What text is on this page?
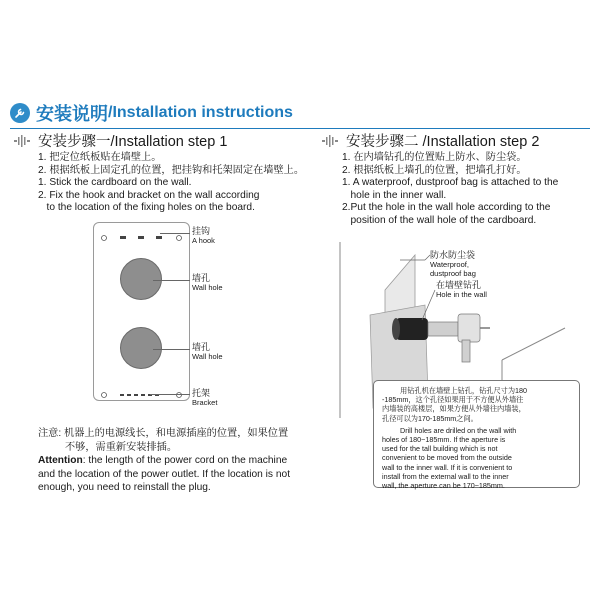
安装说明 /Installation instructions
安装步骤一/Installation step 1
1. 把定位纸板贴在墙壁上。
2. 根据纸板上固定孔的位置，把挂钩和托架固定在墙壁上。
1. Stick the cardboard on the wall.
2. Fix the hook and bracket on the wall according
to the location of the fixing holes on the board.
挂钩
A hook
墙孔
Wall hole
墙孔
Wall hole
托架
Bracket
注意: 机器上的电源线长，和电源插座的位置，如果位置
不够，需重新安装排插。
Attention: the length of the power cord on the machine
and the location of the power outlet. If the location is not
enough, you need to reinstall the plug.
安装步骤二 /Installation step 2
1. 在内墙钻孔的位置贴上防水、防尘袋。
2. 根据纸板上墙孔的位置，把墙孔打好。
1. A waterproof, dustproof bag is attached to the
hole in the inner wall.
2.Put the hole in the wall hole according to the
position of the wall hole of the cardboard.
防水防尘袋
Waterproof,
dustproof bag
在墙壁钻孔
Hole in the wall
用钻孔机在墙壁上钻孔，钻孔尺寸为180
-185mm，这个孔径如果用于不方便从外墙往
内墙装的高楼层，如果方便从外墙往内墙装，
孔径可以为170-185mm之间。
Drill holes are drilled on the wall with
holes of 180~185mm. If the aperture is
used for the tall building which is not
convenient to be moved from the outside
wall to the inner wall. If it is convenient to
install from the external wall to the inner
wall, the aperture can be 170~185mm.
